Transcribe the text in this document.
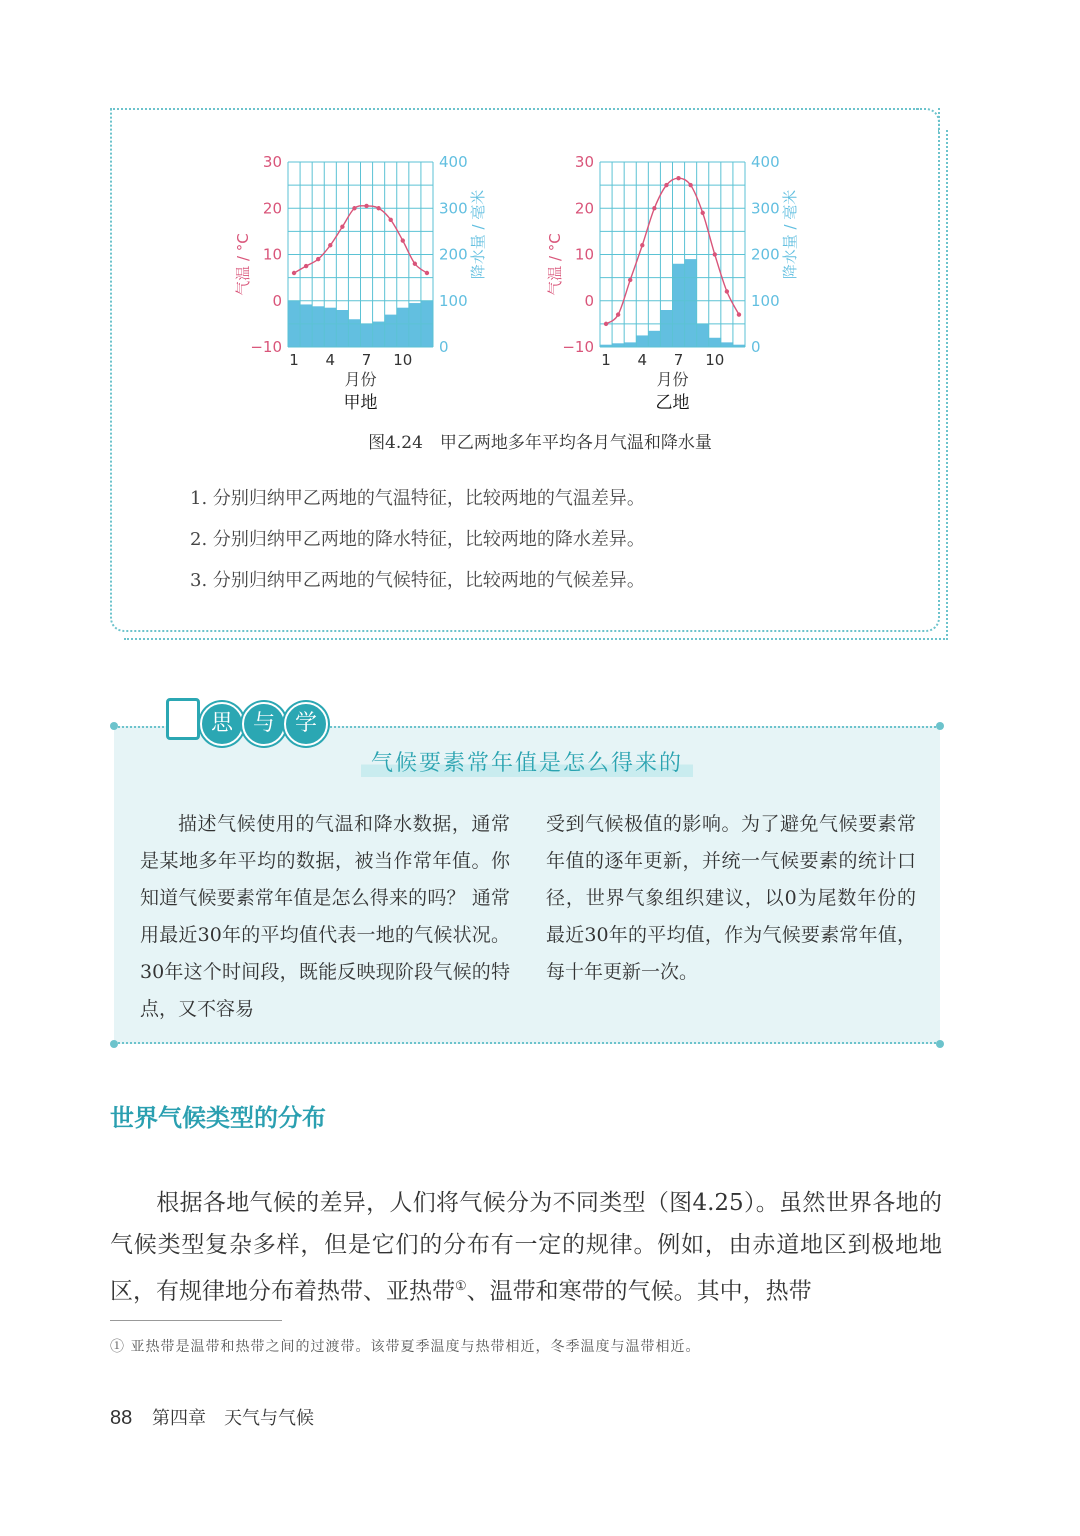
30
20
10
0
−10
400
300
200
100
0
1 4 7 10
月份
甲地
气温 / °C	降水量 / 毫米
30
20
10
0
−10
400
300
200
100
0
1 4 7 10
月份
乙地
气温 / °C	降水量 / 毫米
图4.24　甲乙两地多年平均各月气温和降水量
1. 分别归纳甲乙两地的气温特征，比较两地的气温差异。
2. 分别归纳甲乙两地的降水特征，比较两地的降水差异。
3. 分别归纳甲乙两地的气候特征，比较两地的气候差异。
气候要素常年值是怎么得来的
描述气候使用的气温和降水数据，通常是某地多年平均的数据，被当作常年值。你知道气候要素常年值是怎么得来的吗？ 通常用最近30年的平均值代表一地的气候状况。30年这个时间段，既能反映现阶段气候的特点，又不容易
受到气候极值的影响。为了避免气候要素常年值的逐年更新，并统一气候要素的统计口径，世界气象组织建议，以0为尾数年份的最近30年的平均值，作为气候要素常年值，每十年更新一次。
思 与 学
世界气候类型的分布
根据各地气候的差异，人们将气候分为不同类型（图4.25）。虽然世界各地的气候类型复杂多样，但是它们的分布有一定的规律。例如，由赤道地区到极地地区，有规律地分布着热带、亚热带①、温带和寒带的气候。其中，热带
① 亚热带是温带和热带之间的过渡带。该带夏季温度与热带相近，冬季温度与温带相近。
88 第四章　天气与气候
